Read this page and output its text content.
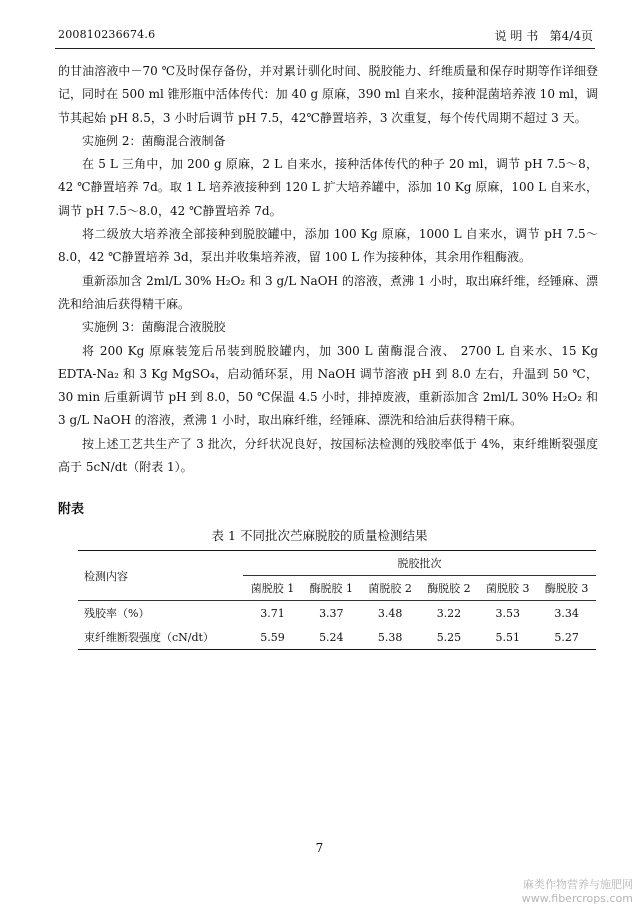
200810236674.6	说 明 书 第4/4页

的甘油溶液中－70 ℃及时保存备份，并对累计驯化时间、脱胶能力、纤维质量和保存时期等作详细登记，同时在 500 ml 锥形瓶中活体传代：加 40 g 原麻，390 ml 自来水，接种混菌培养液 10 ml，调节其起始 pH 8.5，3 小时后调节 pH 7.5，42℃静置培养，3 次重复，每个传代周期不超过 3 天。

实施例 2：菌酶混合液制备

在 5 L 三角中，加 200 g 原麻，2 L 自来水，接种活体传代的种子 20 ml，调节 pH 7.5～8，42 ℃静置培养 7d。取 1 L 培养液接种到 120 L 扩大培养罐中，添加 10 Kg 原麻，100 L 自来水，调节 pH 7.5～8.0，42 ℃静置培养 7d。

将二级放大培养液全部接种到脱胶罐中，添加 100 Kg 原麻，1000 L 自来水，调节 pH 7.5～8.0，42 ℃静置培养 3d，泵出并收集培养液，留 100 L 作为接种体，其余用作粗酶液。

重新添加含 2ml/L 30% H₂O₂ 和 3 g/L NaOH 的溶液，煮沸 1 小时，取出麻纤维，经锤麻、漂洗和给油后获得精干麻。

实施例 3：菌酶混合液脱胶

将 200 Kg 原麻装笼后吊装到脱胶罐内，加 300 L 菌酶混合液、 2700 L 自来水、15 Kg EDTA-Na₂ 和 3 Kg MgSO₄，启动循环泵，用 NaOH 调节溶液 pH 到 8.0 左右，升温到 50 ℃，30 min 后重新调节 pH 到 8.0，50 ℃保温 4.5 小时，排掉废液，重新添加含 2ml/L 30% H₂O₂ 和 3 g/L NaOH 的溶液，煮沸 1 小时，取出麻纤维，经锤麻、漂洗和给油后获得精干麻。

按上述工艺共生产了 3 批次，分纤状况良好，按国标法检测的残胶率低于 4%，束纤维断裂强度高于 5cN/dt（附表 1）。

附表
表 1 不同批次苎麻脱胶的质量检测结果
检测内容	脱胶批次					
	菌脱胶 1	酶脱胶 1	菌脱胶 2	酶脱胶 2	菌脱胶 3	酶脱胶 3
残胶率（%）	3.71	3.37	3.48	3.22	3.53	3.34
束纤维断裂强度（cN/dt）	5.59	5.24	5.38	5.25	5.51	5.27
7
麻类作物营养与施肥网
www.fibercrops.com
